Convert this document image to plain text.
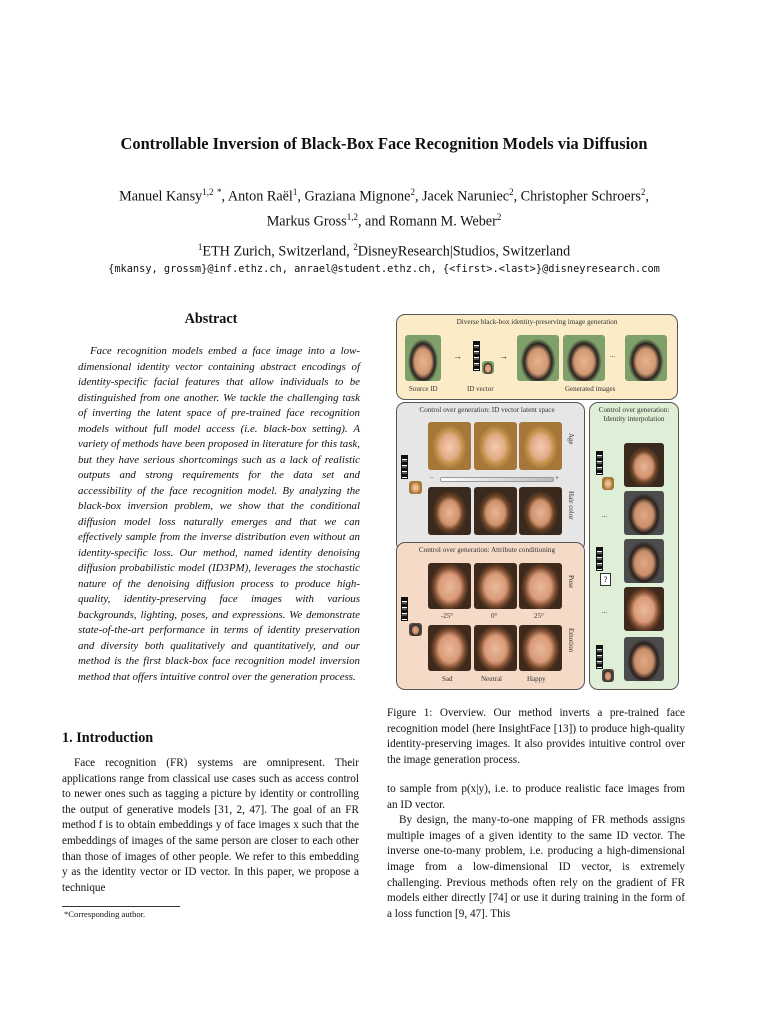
Controllable Inversion of Black-Box Face Recognition Models via Diffusion
Manuel Kansy$^{1,2}$ *, Anton Raël$^1$, Graziana Mignone$^2$, Jacek Naruniec$^2$, Christopher Schroers$^2$,
Markus Gross$^{1,2}$, and Romann M. Weber$^2$
$^1$ETH Zurich, Switzerland, $^2$DisneyResearch|Studios, Switzerland
{mkansy, grossm}@inf.ethz.ch, anrael@student.ethz.ch, {<first>.<last>}@disneyresearch.com
Abstract

Face recognition models embed a face image into a low-dimensional identity vector containing abstract encodings of identity-specific facial features that allow individuals to be distinguished from one another. We tackle the challenging task of inverting the latent space of pre-trained face recognition models without full model access (i.e. black-box setting). A variety of methods have been proposed in literature for this task, but they have serious shortcomings such as a lack of realistic outputs and strong requirements for the data set and accessibility of the face recognition model. By analyzing the black-box inversion problem, we show that the conditional diffusion model loss naturally emerges and that we can effectively sample from the inverse distribution even without an identity-specific loss. Our method, named identity denoising diffusion probabilistic model (ID3PM), leverages the stochastic nature of the denoising diffusion process to produce high-quality, identity-preserving face images with various backgrounds, lighting, poses, and expressions. We demonstrate state-of-the-art performance in terms of identity preservation and diversity both qualitatively and quantitatively, and our method is the first black-box face recognition model inversion method that offers intuitive control over the generation process.

1. Introduction

Face recognition (FR) systems are omnipresent. Their applications range from classical use cases such as access control to newer ones such as tagging a picture by identity or controlling the output of generative models [31, 2, 47]. The goal of an FR method f is to obtain embeddings y of face images x such that the embeddings of images of the same person are closer to each other than those of images of other people. We refer to this embedding y as the identity vector or ID vector. In this paper, we propose a technique

*Corresponding author.
Diverse black-box identity-preserving image generation
→	→	...
Source ID	ID vector	Generated images
Control over generation: ID vector latent space
Age
−	+
Hair color
Control over generation: Attribute conditioning
Pose
-25°	0°	25°
Emotion
Sad	Neutral	Happy
Control over generation:
Identity interpolation
...
?
...
Figure 1: Overview. Our method inverts a pre-trained face recognition model (here InsightFace [13]) to produce high-quality identity-preserving images. It also provides intuitive control over the image generation process.

to sample from p(x|y), i.e. to produce realistic face images from an ID vector.

By design, the many-to-one mapping of FR methods assigns multiple images of a given identity to the same ID vector. The inverse one-to-many problem, i.e. producing a high-dimensional image from a low-dimensional ID vector, is extremely challenging. Previous methods often rely on the gradient of FR models either directly [74] or use it during training in the form of a loss function [9, 47]. This
